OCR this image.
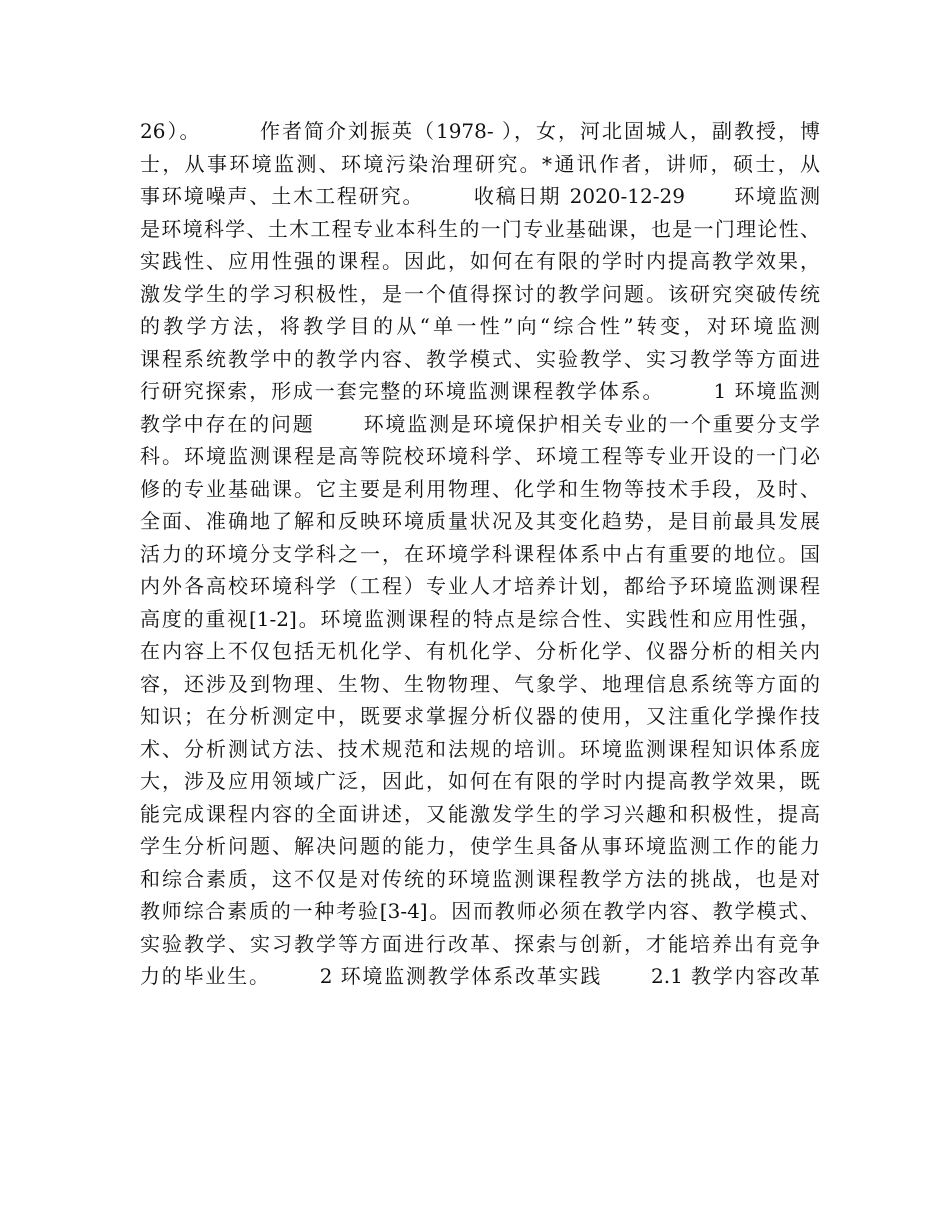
26）。       作者简介刘振英（1978- ），女，河北固城人，副教授，博
士，从事环境监测、环境污染治理研究。*通讯作者，讲师，硕士，从
事环境噪声、土木工程研究。      收稿日期 2020-12-29      环境监测
是环境科学、土木工程专业本科生的一门专业基础课，也是一门理论性、
实践性、应用性强的课程。因此，如何在有限的学时内提高教学效果，
激发学生的学习积极性，是一个值得探讨的教学问题。该研究突破传统
的教学方法，将教学目的从“单一性”向“综合性”转变，对环境监测
课程系统教学中的教学内容、教学模式、实验教学、实习教学等方面进
行研究探索，形成一套完整的环境监测课程教学体系。      1 环境监测
教学中存在的问题      环境监测是环境保护相关专业的一个重要分支学
科。环境监测课程是高等院校环境科学、环境工程等专业开设的一门必
修的专业基础课。它主要是利用物理、化学和生物等技术手段，及时、
全面、准确地了解和反映环境质量状况及其变化趋势，是目前最具发展
活力的环境分支学科之一，在环境学科课程体系中占有重要的地位。国
内外各高校环境科学（工程）专业人才培养计划，都给予环境监测课程
高度的重视[1-2]。环境监测课程的特点是综合性、实践性和应用性强，
在内容上不仅包括无机化学、有机化学、分析化学、仪器分析的相关内
容，还涉及到物理、生物、生物物理、气象学、地理信息系统等方面的
知识；在分析测定中，既要求掌握分析仪器的使用，又注重化学操作技
术、分析测试方法、技术规范和法规的培训。环境监测课程知识体系庞
大，涉及应用领域广泛，因此，如何在有限的学时内提高教学效果，既
能完成课程内容的全面讲述，又能激发学生的学习兴趣和积极性，提高
学生分析问题、解决问题的能力，使学生具备从事环境监测工作的能力
和综合素质，这不仅是对传统的环境监测课程教学方法的挑战，也是对
教师综合素质的一种考验[3-4]。因而教师必须在教学内容、教学模式、
实验教学、实习教学等方面进行改革、探索与创新，才能培养出有竞争
力的毕业生。      2 环境监测教学体系改革实践      2.1 教学内容改革
